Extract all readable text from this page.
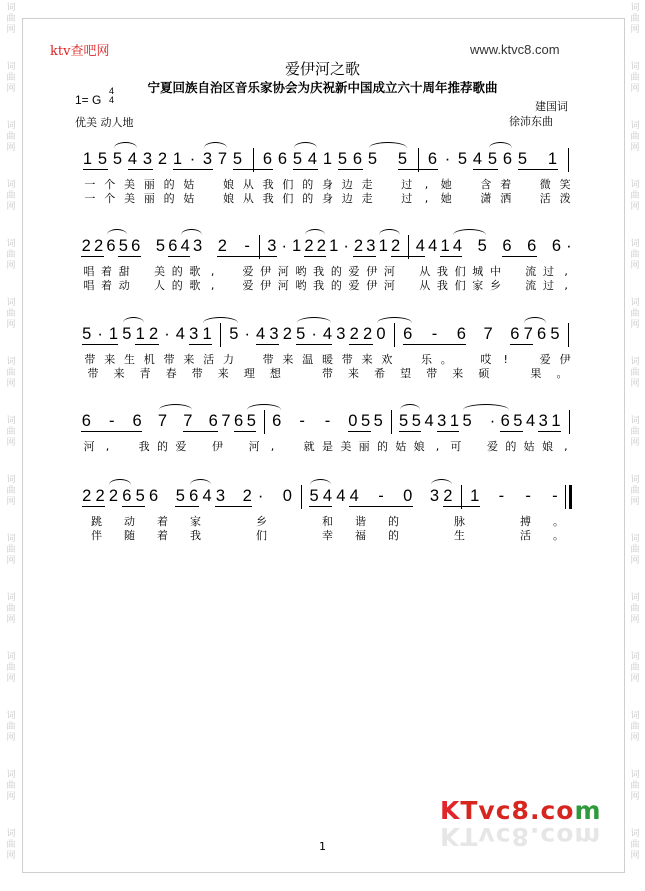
词
曲
网
词
曲
网
词
曲
网
词
曲
网
词
曲
网
词
曲
网
词
曲
网
词
曲
网
词
曲
网
词
曲
网
词
曲
网
词
曲
网
词
曲
网
词
曲
网
词
曲
网
词
曲
网
词
曲
网
词
曲
网
词
曲
网
词
曲
网
词
曲
网
词
曲
网
词
曲
网
词
曲
网
词
曲
网
词
曲
网
词
曲
网
词
曲
网
词
曲
网
词
曲
网
ktv查吧网	www.ktvc8.com
爱伊河之歌
宁夏回族自治区音乐家协会为庆祝新中国成立六十周年推荐歌曲
1= G
4
4	建国词
徐沛东曲
优美 动人地
1 5 5 4 3 2 1 · 3 7 5 6 6 5 4 1 5 6 5 5 6 · 5 4 5 6 5 1
一 个 美 丽 的 姑	娘 从 我 们 的 身 边 走	过	,	她	含 着	微 笑
一 个 美 丽 的 姑	娘 从 我 们 的 身 边 走	过	,	她	潇 洒	活 泼
2 2 6 5 6 5 6 4 3 2 - 3 · 1 2 2 1 · 2 3 1 2 4 4 1 4 5 6 6 6 ·
唱 着 甜 美 的 歌 ,	爱 伊 河 哟 我 的 爱 伊 河 从 我 们 城 中 流 过 ,
唱 着 动 人 的 歌 ,	爱 伊 河 哟 我 的 爱 伊 河 从 我 们 家 乡 流 过 ,
5 · 1 5 1 2 · 4 3 1 5 · 4 3 2 5 · 4 3 2 2 0 6 - 6 7 6 7 6 5
带 来 生 机 带 来 活 力	带 来 温 暖 带 来 欢	乐 。	哎	!	爱 伊
带 来 青 春 带 来 理 想	带 来 希 望 带 来 硕	果 。
6 - 6 7 7 6 7 6 5 6 - - 0 5 5 5 5 4 3 1 5 · 6 5 4 3 1
河	,	我 的 爱 伊 河	,	就 是 美 丽 的 姑 娘	,	可 爱 的 姑 娘	,
2 2 2 6 5 6 5 6 4 3 2 · 0 5 4 4 4 - 0 3 2 1 - - -
跳 动 着 家	乡	和 谐 的	脉	搏 。
伴 随 着 我	们	幸 福 的	生	活 。
1
KTvc8.com
KTvc8.com
